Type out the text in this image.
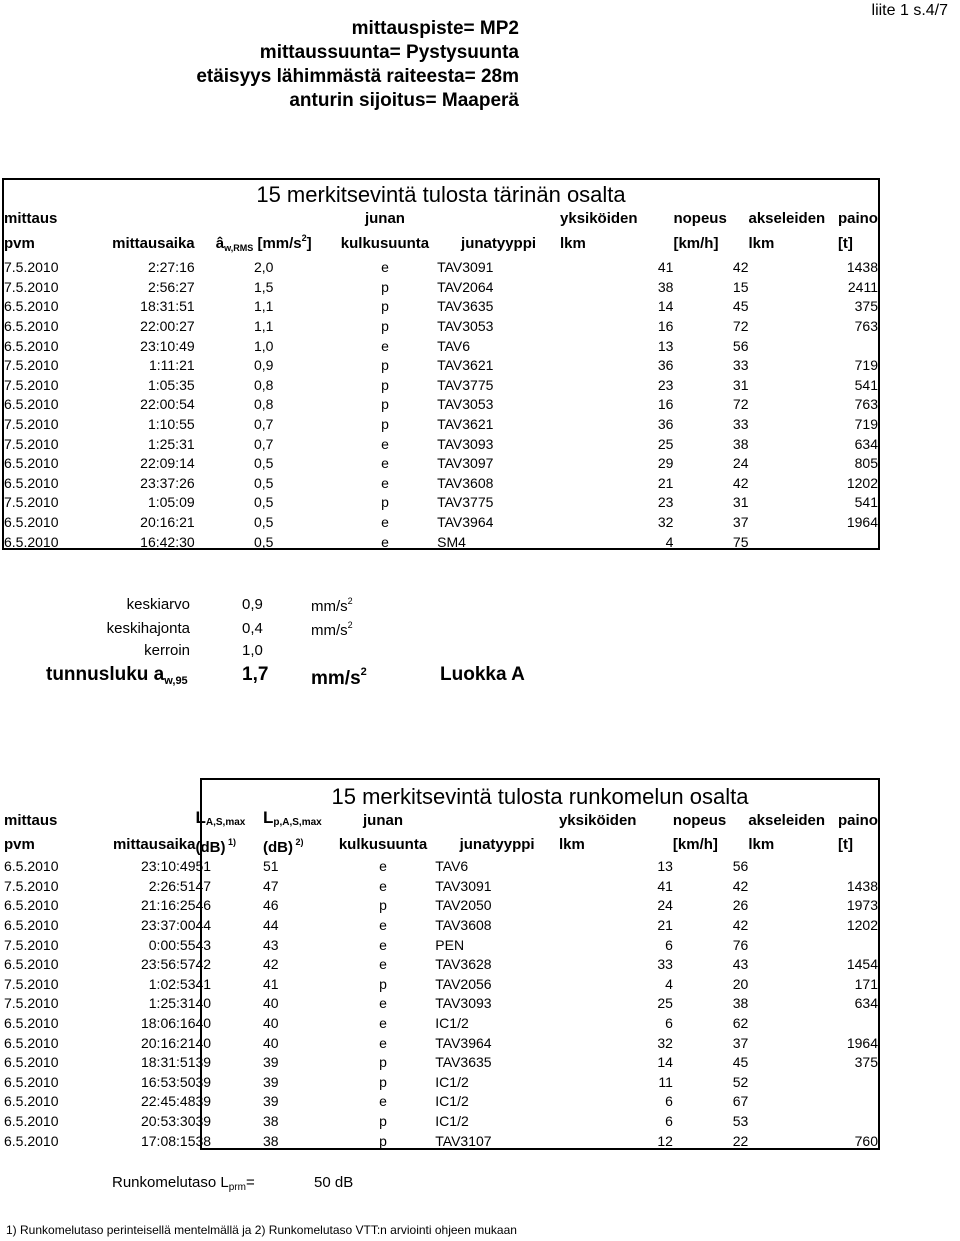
mittauspiste= MP2
mittaussuunta= Pystysuunta
etäisyys lähimmästä raiteesta= 28m
anturin sijoitus= Maaperä
liite 1 s.4/7
15 merkitsevintä tulosta tärinän osalta
mittaus			junan		yksiköiden	nopeus	akseleiden	paino
pvm	mittausaika	$â_{w,RMS}$ $[mm/s^2]$	kulkusuunta	junatyyppi	lkm	[km/h]	lkm	[t]
7.5.2010	2:27:16	2,0	e	TAV3091	41	42		1438
7.5.2010	2:56:27	1,5	p	TAV2064	38	15		2411
6.5.2010	18:31:51	1,1	p	TAV3635	14	45		375
6.5.2010	22:00:27	1,1	p	TAV3053	16	72		763
6.5.2010	23:10:49	1,0	e	TAV6	13	56		
7.5.2010	1:11:21	0,9	p	TAV3621	36	33		719
7.5.2010	1:05:35	0,8	p	TAV3775	23	31		541
6.5.2010	22:00:54	0,8	p	TAV3053	16	72		763
7.5.2010	1:10:55	0,7	p	TAV3621	36	33		719
7.5.2010	1:25:31	0,7	e	TAV3093	25	38		634
6.5.2010	22:09:14	0,5	e	TAV3097	29	24		805
6.5.2010	23:37:26	0,5	e	TAV3608	21	42		1202
7.5.2010	1:05:09	0,5	p	TAV3775	23	31		541
6.5.2010	20:16:21	0,5	e	TAV3964	32	37		1964
6.5.2010	16:42:30	0,5	e	SM4	4	75		
keskiarvo	0,9	$mm/s^2$
keskihajonta	0,4	$mm/s^2$
kerroin	1,0
tunnusluku $a_{w,95}$	1,7 $mm/s^2$	Luokka A
15 merkitsevintä tulosta runkomelun osalta
mittaus		LA,S,max	Lp,A,S,max	junan		yksiköiden	nopeus	akseleiden	paino
pvm	mittausaika	(dB) $^{1)}$	(dB) $^{2)}$	kulkusuunta	junatyyppi	lkm	[km/h]	lkm	[t]
6.5.2010	23:10:49	51	51	e	TAV6	13	56		
7.5.2010	2:26:51	47	47	e	TAV3091	41	42		1438
6.5.2010	21:16:25	46	46	p	TAV2050	24	26		1973
6.5.2010	23:37:00	44	44	e	TAV3608	21	42		1202
7.5.2010	0:00:55	43	43	e	PEN	6	76		
6.5.2010	23:56:57	42	42	e	TAV3628	33	43		1454
7.5.2010	1:02:53	41	41	p	TAV2056	4	20		171
7.5.2010	1:25:31	40	40	e	TAV3093	25	38		634
6.5.2010	18:06:16	40	40	e	IC1/2	6	62		
6.5.2010	20:16:21	40	40	e	TAV3964	32	37		1964
6.5.2010	18:31:51	39	39	p	TAV3635	14	45		375
6.5.2010	16:53:50	39	39	p	IC1/2	11	52		
6.5.2010	22:45:48	39	39	e	IC1/2	6	67		
6.5.2010	20:53:30	39	38	p	IC1/2	6	53		
6.5.2010	17:08:15	38	38	p	TAV3107	12	22		760
Runkomelutaso $L_{prm}=$	50 dB
1) Runkomelutaso perinteisellä mentelmällä ja 2) Runkomelutaso VTT:n arviointi ohjeen mukaan
